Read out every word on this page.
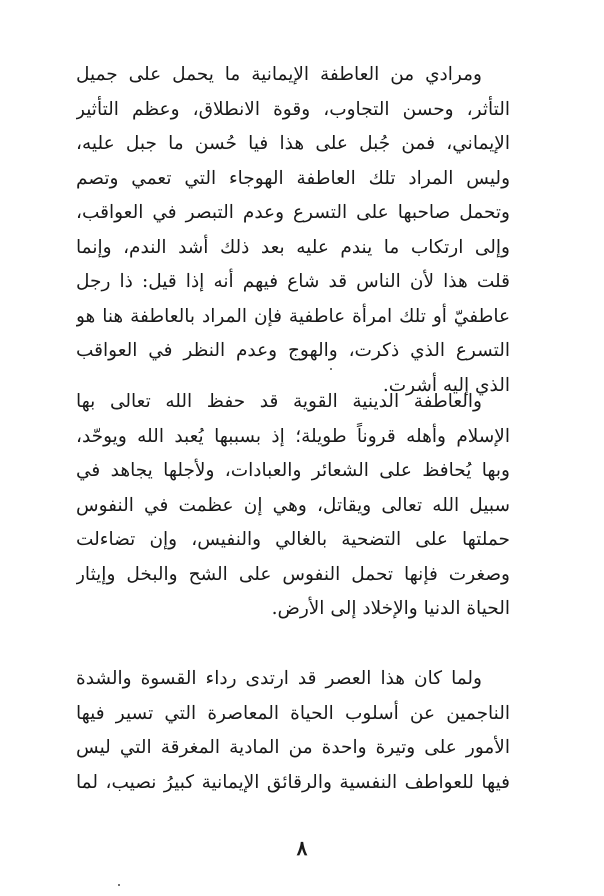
ومرادي من العاطفة الإيمانية ما يحمل على جميل
التأثر، وحسن التجاوب، وقوة الانطلاق، وعظم التأثير
الإيماني، فمن جُبل على هذا فيا حُسن ما جبل عليه،
وليس المراد تلك العاطفة الهوجاء التي تعمي وتصم
وتحمل صاحبها على التسرع وعدم التبصر في العواقب،
وإلى ارتكاب ما يندم عليه بعد ذلك أشد الندم، وإنما
قلت هذا لأن الناس قد شاع فيهم أنه إذا قيل: ذا رجل
عاطفيّ أو تلك امرأة عاطفية فإن المراد بالعاطفة هنا هو
التسرع الذي ذكرت، والهوج وعدم النظر في العواقب
الذي إليه أشرت.
والعاطفة الدينية القوية قد حفظ الله تعالى بها
الإسلام وأهله قروناً طويلة؛ إذ بسببها يُعبد الله ويوحّد،
وبها يُحافظ على الشعائر والعبادات، ولأجلها يجاهد في
سبيل الله تعالى ويقاتل، وهي إن عظمت في النفوس
حملتها على التضحية بالغالي والنفيس، وإن تضاءلت
وصغرت فإنها تحمل النفوس على الشح والبخل وإيثار
الحياة الدنيا والإخلاد إلى الأرض.
ولما كان هذا العصر قد ارتدى رداء القسوة والشدة
الناجمين عن أسلوب الحياة المعاصرة التي تسير فيها
الأمور على وتيرة واحدة من المادية المغرقة التي ليس
فيها للعواطف النفسية والرقائق الإيمانية كبيرُ نصيب، لما
٨
